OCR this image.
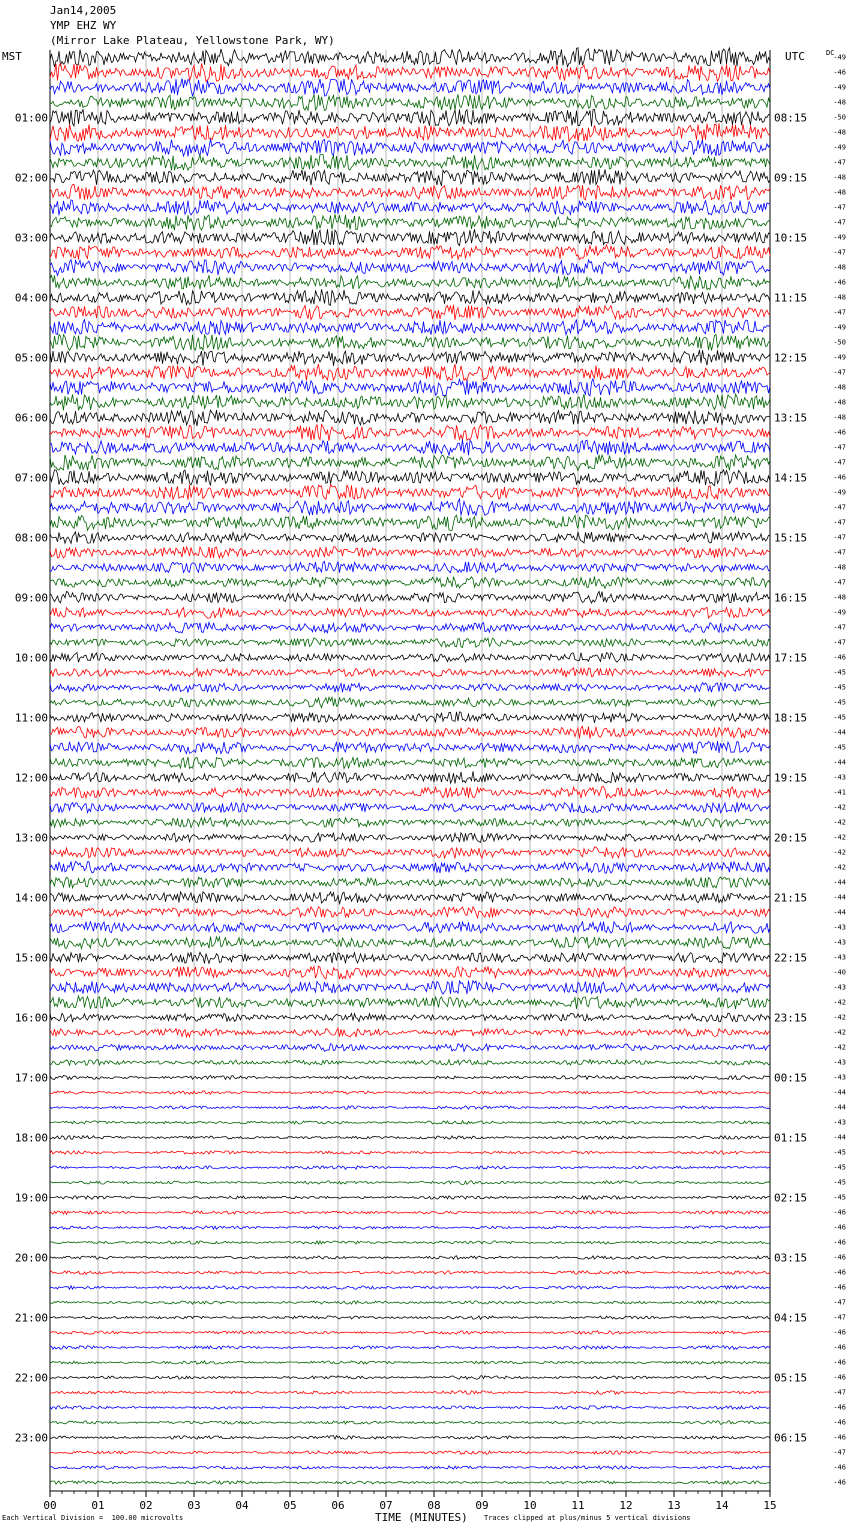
Jan14,2005
YMP EHZ WY
(Mirror Lake Plateau, Yellowstone Park, WY)
MST	UTC	DC
01:00
02:00
03:00
04:00
05:00
06:00
07:00
08:00
09:00
10:00
11:00
12:00
13:00
14:00
15:00
16:00
17:00
18:00
19:00
20:00
21:00
22:00
23:00
08:15
09:15
10:15
11:15
12:15
13:15
14:15
15:15
16:15
17:15
18:15
19:15
20:15
21:15
22:15
23:15
00:15
01:15
02:15
03:15
04:15
05:15
06:15
-49
-46
-49
-48
-50
-48
-49
-47
-48
-48
-47
-47
-49
-47
-48
-46
-48
-47
-49
-50
-49
-47
-48
-48
-48
-46
-47
-47
-46
-49
-47
-47
-47
-47
-48
-47
-48
-49
-47
-47
-46
-45
-45
-45
-45
-44
-45
-44
-43
-41
-42
-42
-42
-42
-42
-44
-44
-44
-43
-43
-43
-40
-43
-42
-42
-42
-42
-43
-43
-44
-44
-43
-44
-45
-45
-45
-45
-46
-46
-46
-46
-46
-46
-47
-47
-46
-46
-46
-46
-47
-46
-46
-46
-47
-46
-46
00	01	02	03	04	05	06	07	08	09	10	11	12	13	14	15
Each Vertical Division =  100.00 microvolts	TIME (MINUTES) Traces clipped at plus/minus 5 vertical divisions
